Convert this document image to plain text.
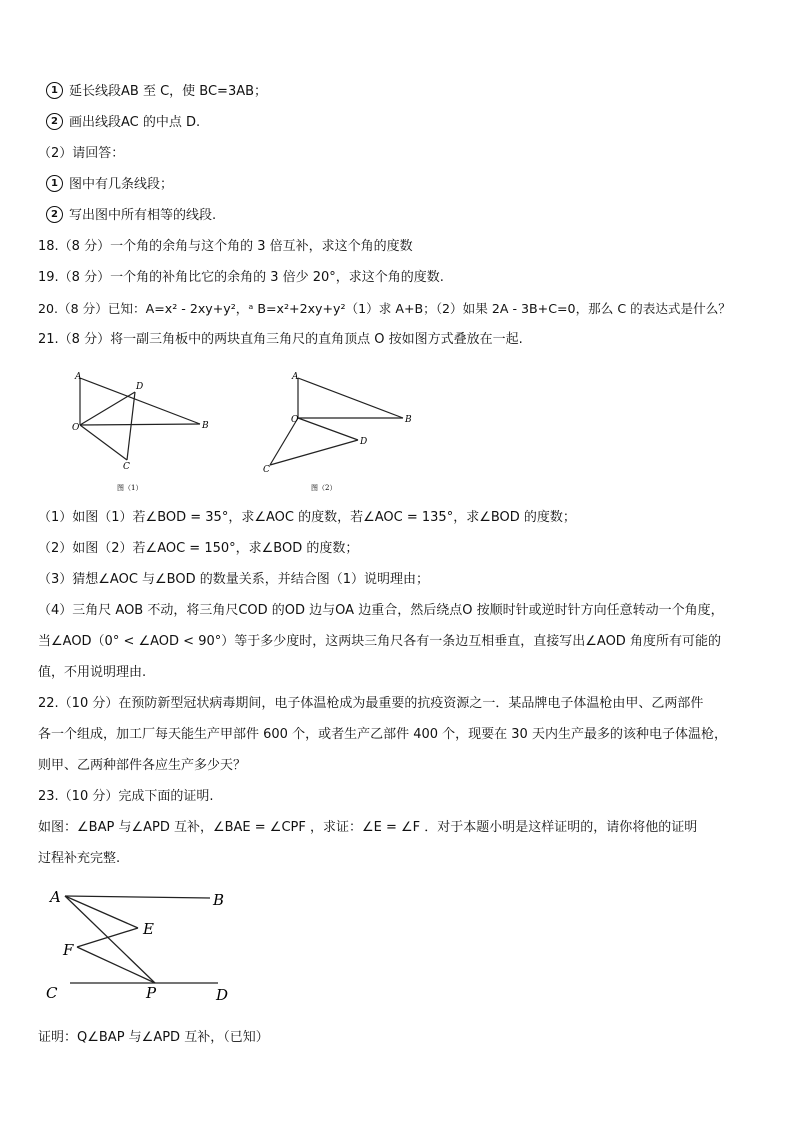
1 延长线段AB 至 C，使 BC=3AB；
2 画出线段AC 的中点 D.
（2）请回答：
1 图中有几条线段；
2 写出图中所有相等的线段.
18.（8 分）一个角的余角与这个角的 3 倍互补，求这个角的度数
19.（8 分）一个角的补角比它的余角的 3 倍少 20°，求这个角的度数.
20.（8 分）已知：A=x² - 2xy+y²，ᵃ B=x²+2xy+y²（1）求 A+B；（2）如果 2A - 3B+C=0，那么 C 的表达式是什么？
21.（8 分）将一副三角板中的两块直角三角尺的直角顶点 O 按如图方式叠放在一起.
A
D
O	B
C
图（1）
A
O	B
D
C
图（2）
（1）如图（1）若∠BOD = 35°，求∠AOC 的度数，若∠AOC = 135°，求∠BOD 的度数；
（2）如图（2）若∠AOC = 150°，求∠BOD 的度数；
（3）猜想∠AOC 与∠BOD 的数量关系，并结合图（1）说明理由；
（4）三角尺 AOB 不动，将三角尺COD 的OD 边与OA 边重合，然后绕点O 按顺时针或逆时针方向任意转动一个角度，
当∠AOD（0° < ∠AOD < 90°）等于多少度时，这两块三角尺各有一条边互相垂直，直接写出∠AOD 角度所有可能的
值，不用说明理由.
22.（10 分）在预防新型冠状病毒期间，电子体温枪成为最重要的抗疫资源之一．某品牌电子体温枪由甲、乙两部件
各一个组成，加工厂每天能生产甲部件 600 个，或者生产乙部件 400 个，现要在 30 天内生产最多的该种电子体温枪，
则甲、乙两种部件各应生产多少天？
23.（10 分）完成下面的证明.
如图：∠BAP 与∠APD 互补，∠BAE = ∠CPF ，求证：∠E = ∠F ．对于本题小明是这样证明的，请你将他的证明
过程补充完整.
A	B
E
F
C	P	D
证明：Q∠BAP 与∠APD 互补，（已知）
